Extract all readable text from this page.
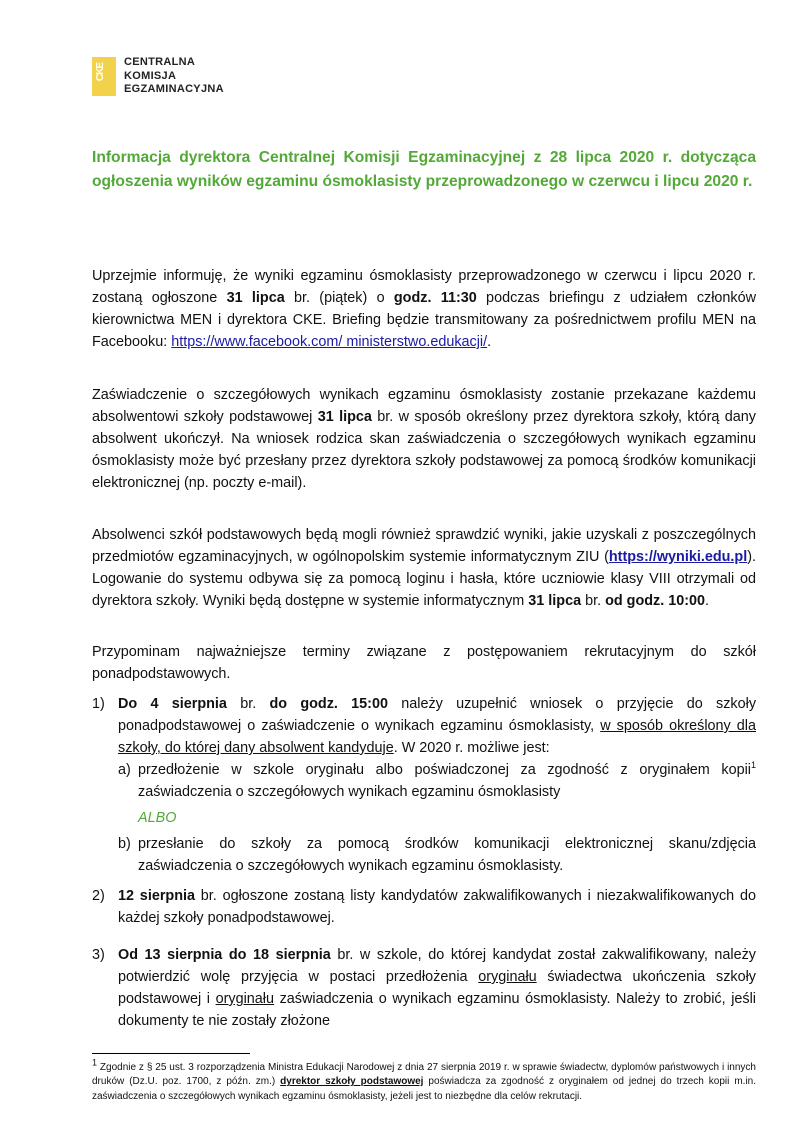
CKE
CENTRALNA
KOMISJA
EGZAMINACYJNA
Informacja dyrektora Centralnej Komisji Egzaminacyjnej z 28 lipca 2020 r. dotycząca ogłoszenia wyników egzaminu ósmoklasisty przeprowadzonego w czerwcu i lipcu 2020 r.
Uprzejmie informuję, że wyniki egzaminu ósmoklasisty przeprowadzonego w czerwcu i lipcu 2020 r. zostaną ogłoszone 31 lipca br. (piątek) o godz. 11:30 podczas briefingu z udziałem członków kierownictwa MEN i dyrektora CKE. Briefing będzie transmitowany za pośrednictwem profilu MEN na Facebooku: https://www.facebook.com/ ministerstwo.edukacji/.
Zaświadczenie o szczegółowych wynikach egzaminu ósmoklasisty zostanie przekazane każdemu absolwentowi szkoły podstawowej 31 lipca br. w sposób określony przez dyrektora szkoły, którą dany absolwent ukończył. Na wniosek rodzica skan zaświadczenia o szczegółowych wynikach egzaminu ósmoklasisty może być przesłany przez dyrektora szkoły podstawowej za pomocą środków komunikacji elektronicznej (np. poczty e-mail).
Absolwenci szkół podstawowych będą mogli również sprawdzić wyniki, jakie uzyskali z poszczególnych przedmiotów egzaminacyjnych, w ogólnopolskim systemie informatycznym ZIU (https://wyniki.edu.pl). Logowanie do systemu odbywa się za pomocą loginu i hasła, które uczniowie klasy VIII otrzymali od dyrektora szkoły. Wyniki będą dostępne w systemie informatycznym 31 lipca br. od godz. 10:00.
Przypominam najważniejsze terminy związane z postępowaniem rekrutacyjnym do szkół ponadpodstawowych.
1) Do 4 sierpnia br. do godz. 15:00 należy uzupełnić wniosek o przyjęcie do szkoły ponadpodstawowej o zaświadczenie o wynikach egzaminu ósmoklasisty, w sposób określony dla szkoły, do której dany absolwent kandyduje. W 2020 r. możliwe jest:
a) przedłożenie w szkole oryginału albo poświadczonej za zgodność z oryginałem kopii$^1$ zaświadczenia o szczegółowych wynikach egzaminu ósmoklasisty
ALBO
b) przesłanie do szkoły za pomocą środków komunikacji elektronicznej skanu/zdjęcia zaświadczenia o szczegółowych wynikach egzaminu ósmoklasisty.
2) 12 sierpnia br. ogłoszone zostaną listy kandydatów zakwalifikowanych i niezakwalifikowanych do każdej szkoły ponadpodstawowej.
3) Od 13 sierpnia do 18 sierpnia br. w szkole, do której kandydat został zakwalifikowany, należy potwierdzić wolę przyjęcia w postaci przedłożenia oryginału świadectwa ukończenia szkoły podstawowej i oryginału zaświadczenia o wynikach egzaminu ósmoklasisty. Należy to zrobić, jeśli dokumenty te nie zostały złożone
$^1$ Zgodnie z § 25 ust. 3 rozporządzenia Ministra Edukacji Narodowej z dnia 27 sierpnia 2019 r. w sprawie świadectw, dyplomów państwowych i innych druków (Dz.U. poz. 1700, z późn. zm.) dyrektor szkoły podstawowej poświadcza za zgodność z oryginałem od jednej do trzech kopii m.in. zaświadczenia o szczegółowych wynikach egzaminu ósmoklasisty, jeżeli jest to niezbędne dla celów rekrutacji.
